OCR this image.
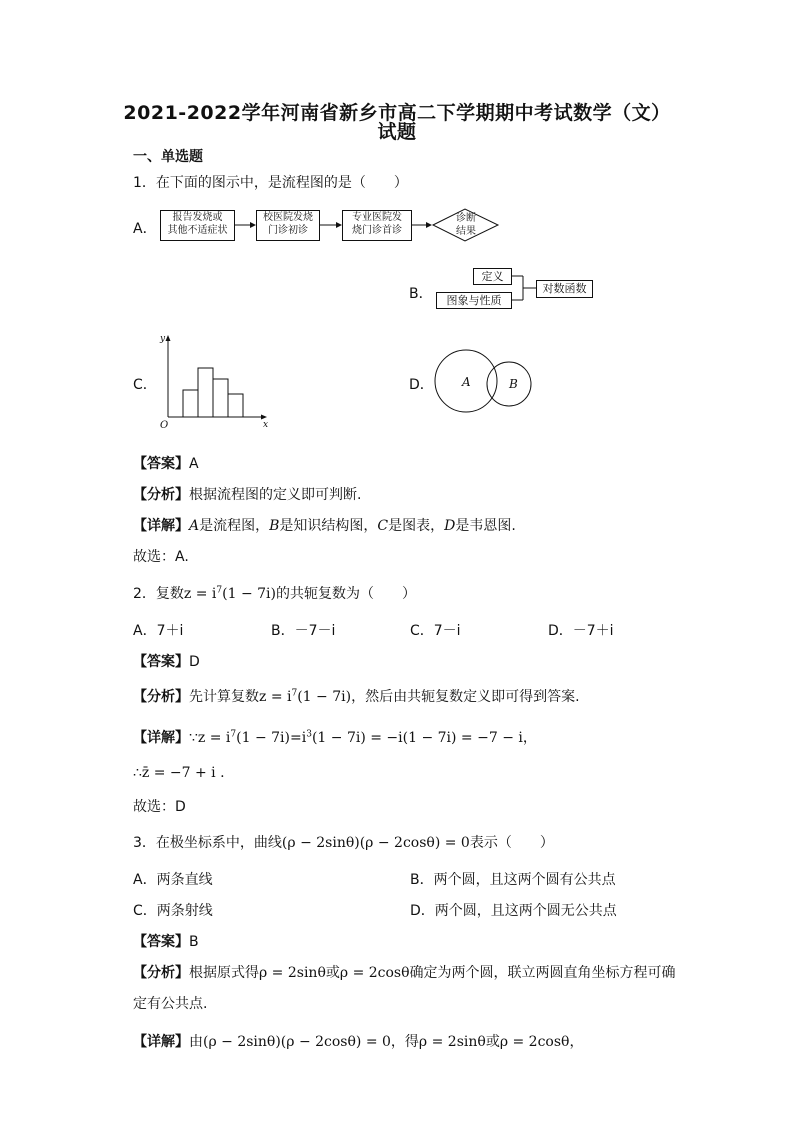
2021-2022学年河南省新乡市高二下学期期中考试数学（文）
试题
一、单选题
1．在下面的图示中，是流程图的是（　　）
A．
报告发烧或
其他不适症状
校医院发烧
门诊初诊
专业医院发
烧门诊首诊
诊断
结果
B．
定义
图象与性质
对数函数
C．
y
x
O
D． A	B
【答案】A
【分析】根据流程图的定义即可判断.
【详解】A是流程图，B是知识结构图，C是图表，D是韦恩图.
故选：A.
2．复数$z = i^7(1 - 7i)$的共轭复数为（　　）
A．7＋i	B．－7－i	C．7－i	D．－7＋i
【答案】D
【分析】先计算复数$z = i^7(1 - 7i)$，然后由共轭复数定义即可得到答案.
【详解】∵z = $i^7(1 - 7i)=i^3(1 - 7i) = -i(1 - 7i) = -7 - i$，
∴z̄ = −7 + i .
故选：D
3．在极坐标系中，曲线(ρ − 2sinθ)(ρ − 2cosθ) = 0表示（　　）
A．两条直线	B．两个圆，且这两个圆有公共点
C．两条射线	D．两个圆，且这两个圆无公共点
【答案】B
【分析】根据原式得ρ = 2sinθ或ρ = 2cosθ确定为两个圆，联立两圆直角坐标方程可确
定有公共点.
【详解】由(ρ − 2sinθ)(ρ − 2cosθ) = 0，得ρ = 2sinθ或ρ = 2cosθ，
